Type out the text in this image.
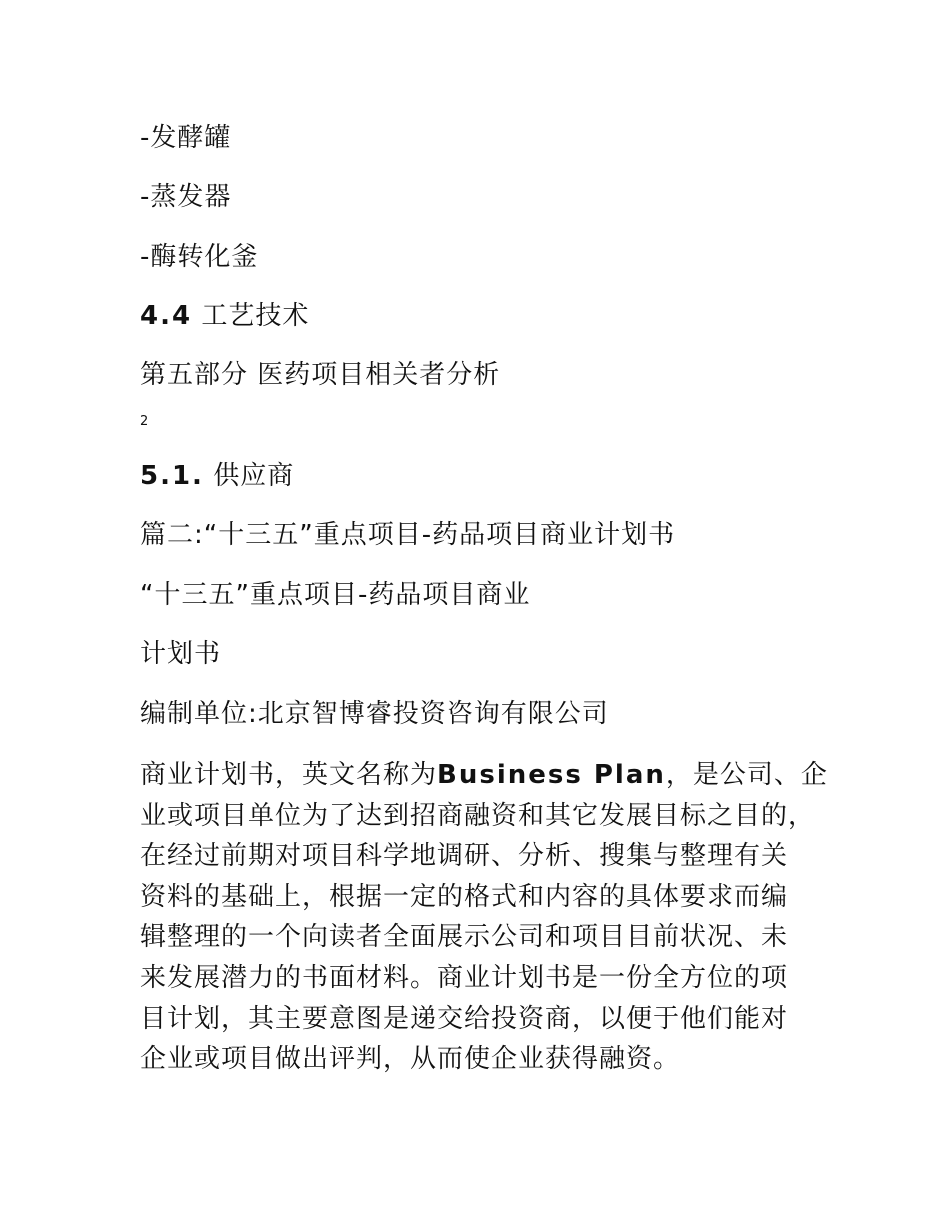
-发酵罐
-蒸发器
-酶转化釜
4.4 工艺技术
第五部分 医药项目相关者分析
2
5.1. 供应商
篇二:“十三五”重点项目-药品项目商业计划书
“十三五”重点项目-药品项目商业
计划书
编制单位:北京智博睿投资咨询有限公司
商业计划书，英文名称为Business Plan，是公司、企
业或项目单位为了达到招商融资和其它发展目标之目的，
在经过前期对项目科学地调研、分析、搜集与整理有关
资料的基础上，根据一定的格式和内容的具体要求而编
辑整理的一个向读者全面展示公司和项目目前状况、未
来发展潜力的书面材料。商业计划书是一份全方位的项
目计划，其主要意图是递交给投资商，以便于他们能对
企业或项目做出评判，从而使企业获得融资。
